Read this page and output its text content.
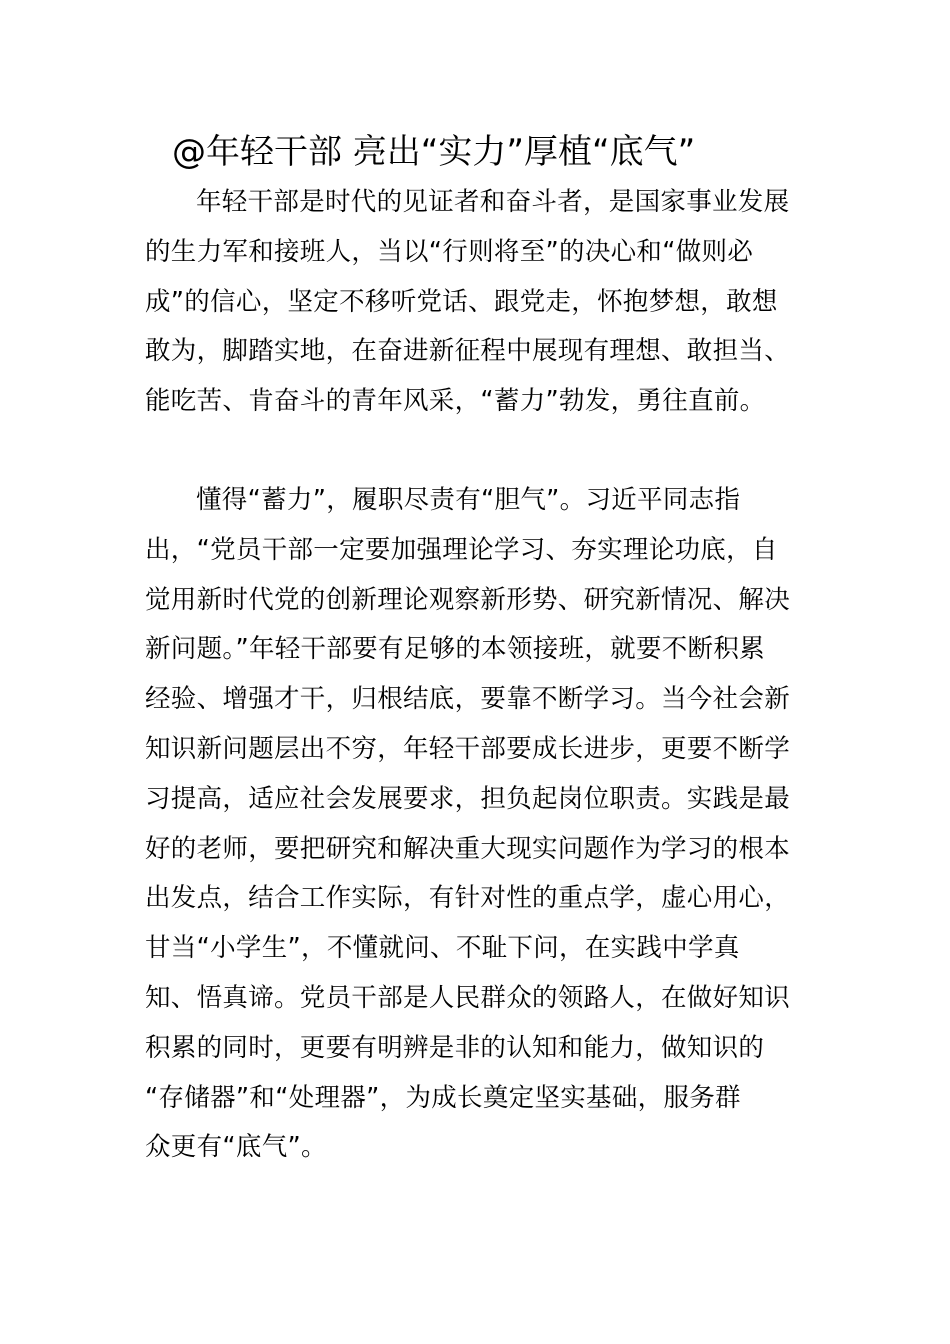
@年轻干部 亮出“实力”厚植“底气”
年轻干部是时代的见证者和奋斗者，是国家事业发展
的生力军和接班人，当以“行则将至”的决心和“做则必
成”的信心，坚定不移听党话、跟党走，怀抱梦想，敢想
敢为，脚踏实地，在奋进新征程中展现有理想、敢担当、
能吃苦、肯奋斗的青年风采，“蓄力”勃发，勇往直前。
懂得“蓄力”，履职尽责有“胆气”。习近平同志指
出，“党员干部一定要加强理论学习、夯实理论功底，自
觉用新时代党的创新理论观察新形势、研究新情况、解决
新问题。”年轻干部要有足够的本领接班，就要不断积累
经验、增强才干，归根结底，要靠不断学习。当今社会新
知识新问题层出不穷，年轻干部要成长进步，更要不断学
习提高，适应社会发展要求，担负起岗位职责。实践是最
好的老师，要把研究和解决重大现实问题作为学习的根本
出发点，结合工作实际，有针对性的重点学，虚心用心，
甘当“小学生”，不懂就问、不耻下问，在实践中学真
知、悟真谛。党员干部是人民群众的领路人，在做好知识
积累的同时，更要有明辨是非的认知和能力，做知识的
“存储器”和“处理器”，为成长奠定坚实基础，服务群
众更有“底气”。
